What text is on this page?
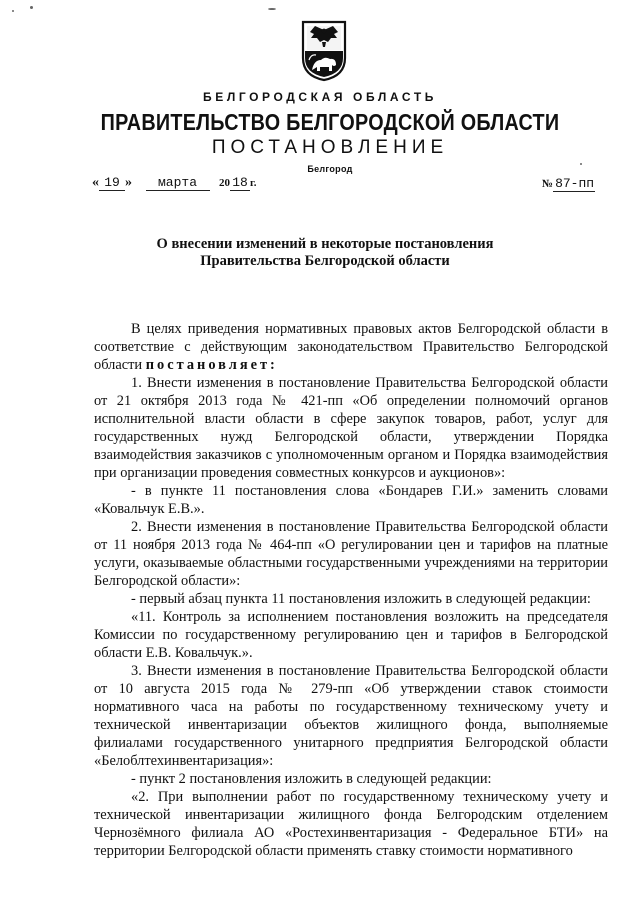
БЕЛГОРОДСКАЯ ОБЛАСТЬ
ПРАВИТЕЛЬСТВО БЕЛГОРОДСКОЙ ОБЛАСТИ
ПОСТАНОВЛЕНИЕ
Белгород
« 19 » марта 20 18 г.	№ 87-пп
О внесении изменений в некоторые постановления
Правительства Белгородской области

В целях приведения нормативных правовых актов Белгородской области в соответствие с действующим законодательством Правительство Белгородской области постановляет:

1. Внести изменения в постановление Правительства Белгородской области от 21 октября 2013 года № 421-пп «Об определении полномочий органов исполнительной власти области в сфере закупок товаров, работ, услуг для государственных нужд Белгородской области, утверждении Порядка взаимодействия заказчиков с уполномоченным органом и Порядка взаимодействия при организации проведения совместных конкурсов и аукционов»:

- в пункте 11 постановления слова «Бондарев Г.И.» заменить словами «Ковальчук Е.В.».

2. Внести изменения в постановление Правительства Белгородской области от 11 ноября 2013 года № 464-пп «О регулировании цен и тарифов на платные услуги, оказываемые областными государственными учреждениями на территории Белгородской области»:

- первый абзац пункта 11 постановления изложить в следующей редакции:

«11. Контроль за исполнением постановления возложить на председателя Комиссии по государственному регулированию цен и тарифов в Белгородской области Е.В. Ковальчук.».

3. Внести изменения в постановление Правительства Белгородской области от 10 августа 2015 года № 279-пп «Об утверждении ставок стоимости нормативного часа на работы по государственному техническому учету и технической инвентаризации объектов жилищного фонда, выполняемые филиалами государственного унитарного предприятия Белгородской области «Белоблтехинвентаризация»:

- пункт 2 постановления изложить в следующей редакции:

«2. При выполнении работ по государственному техническому учету и технической инвентаризации жилищного фонда Белгородским отделением Чернозёмного филиала АО «Ростехинвентаризация - Федеральное БТИ» на территории Белгородской области применять ставку стоимости нормативного
